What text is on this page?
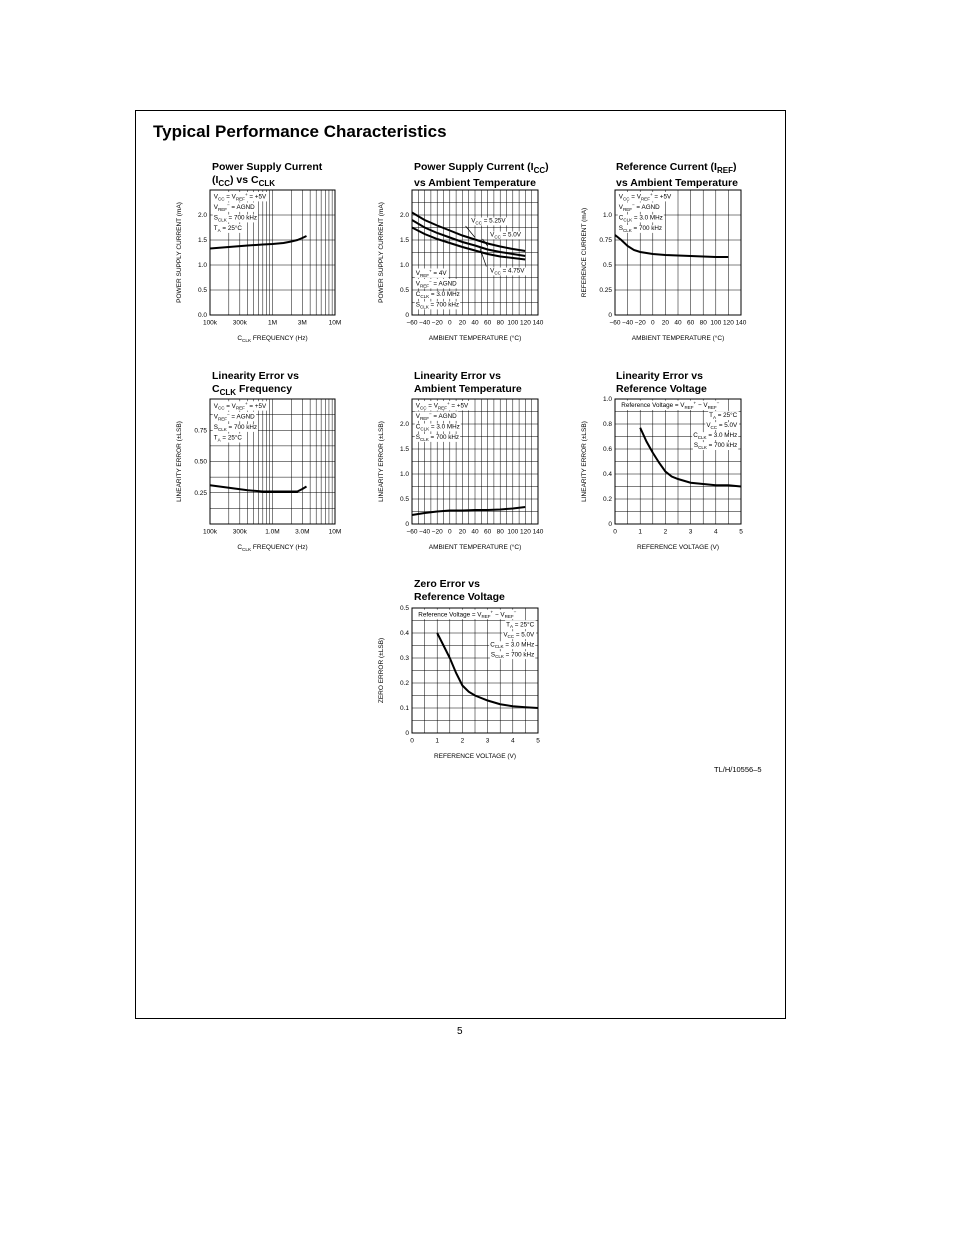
Typical Performance Characteristics
Power Supply Current
$(I_{CC})$ vs $C_{CLK}$
$V_{CC} = V_{REF}^+ = +5V$
$V_{REF}^-$ = AGND
$S_{CLK} = 700$ kHz
$T_A = 25^\circ C$
0.0
0.5
1.0
1.5
2.0
100k 300k	1M	3M	10M
$C_{CLK}$ FREQUENCY (Hz)
POWER SUPPLY CURRENT (mA)
Power Supply Current $(I_{CC})$
vs Ambient Temperature
$V_{CC} = 5.25V$
$V_{CC} = 5.0V$
$V_{CC} = 4.75V$
$V_{REF}^+ = 4V$
$V_{REF}^-$ = AGND
$C_{CLK} = 3.0$ MHz
$S_{CLK} = 700$ kHz
0
0.5
1.0
1.5
2.0
−60 −40 −20 0 20 40 60 80 100 120 140
AMBIENT TEMPERATURE (°C)
POWER SUPPLY CURRENT (mA)
Reference Current $(I_{REF})$
vs Ambient Temperature
$V_{CC} = V_{REF}^+ = +5V$
$V_{REF}^-$ = AGND
$C_{CLK} = 3.0$ MHz
$S_{CLK} = 700$ kHz
0
0.25
0.5
0.75
1.0
−60 −40 −20 0 20 40 60 80 100 120 140
AMBIENT TEMPERATURE (°C)
REFERENCE CURRENT (mA)
Linearity Error vs
$C_{CLK}$ Frequency
$V_{CC} = V_{REF}^+ = +5V$
$V_{REF}^-$ = AGND
$S_{CLK} = 700$ kHz
$T_A = 25^\circ C$
0.25
0.50
0.75
100k 300k	1.0M 3.0M	10M
$C_{CLK}$ FREQUENCY (Hz)
LINEARITY ERROR (±LSB)
Linearity Error vs
Ambient Temperature
$V_{CC} = V_{REF}^+ = +5V$
$V_{REF}^-$ = AGND
$C_{CLK} = 3.0$ MHz
$S_{CLK} = 700$ kHz
0
0.5
1.0
1.5
2.0
−60 −40 −20 0 20 40 60 80 100 120 140
AMBIENT TEMPERATURE (°C)
LINEARITY ERROR (±LSB)
Linearity Error vs
Reference Voltage
Reference Voltage = $V_{REF}^+ - V_{REF}^-$
$T_A = 25^\circ C$
$V_{CC} = 5.0V$
$C_{CLK} = 3.0$ MHz
$S_{CLK} = 700$ kHz
0
0.2
0.4
0.6
0.8
1.0
0	1	2	3	4	5
REFERENCE VOLTAGE (V)
LINEARITY ERROR (±LSB)
Zero Error vs
Reference Voltage
Reference Voltage = $V_{REF}^+ - V_{REF}^-$
$T_A = 25^\circ C$
$V_{CC} = 5.0V$
$C_{CLK} = 3.0$ MHz
$S_{CLK} = 700$ kHz
0
0.1
0.2
0.3
0.4
0.5
0	1	2	3	4	5
REFERENCE VOLTAGE (V)
ZERO ERROR (±LSB)
TL/H/10556–5
5
